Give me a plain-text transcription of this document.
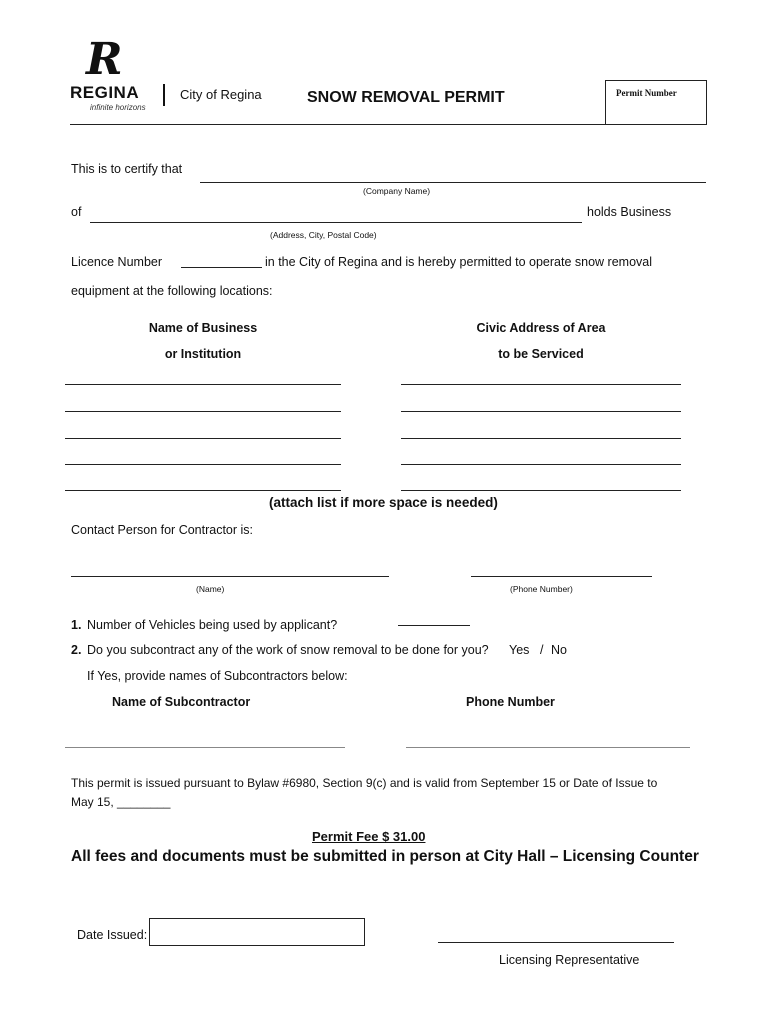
R
REGINA
infinite horizons
City of Regina	SNOW REMOVAL PERMIT	Permit Number
This is to certify that
(Company Name)
of	holds Business
(Address, City, Postal Code)
Licence Number	in the City of Regina and is hereby permitted to operate snow removal
equipment at the following locations:
Name of Business
or Institution
Civic Address of Area
to be Serviced
(attach list if more space is needed)
Contact Person for Contractor is:
(Name)	(Phone Number)
1. Number of Vehicles being used by applicant?
2. Do you subcontract any of the work of snow removal to be done for you? Yes / No
If Yes, provide names of Subcontractors below:
Name of Subcontractor	Phone Number
This permit is issued pursuant to Bylaw #6980, Section 9(c) and is valid from September 15 or Date of Issue to
May 15, ________
Permit Fee $ 31.00
All fees and documents must be submitted in person at City Hall – Licensing Counter
Date Issued:
Licensing Representative
